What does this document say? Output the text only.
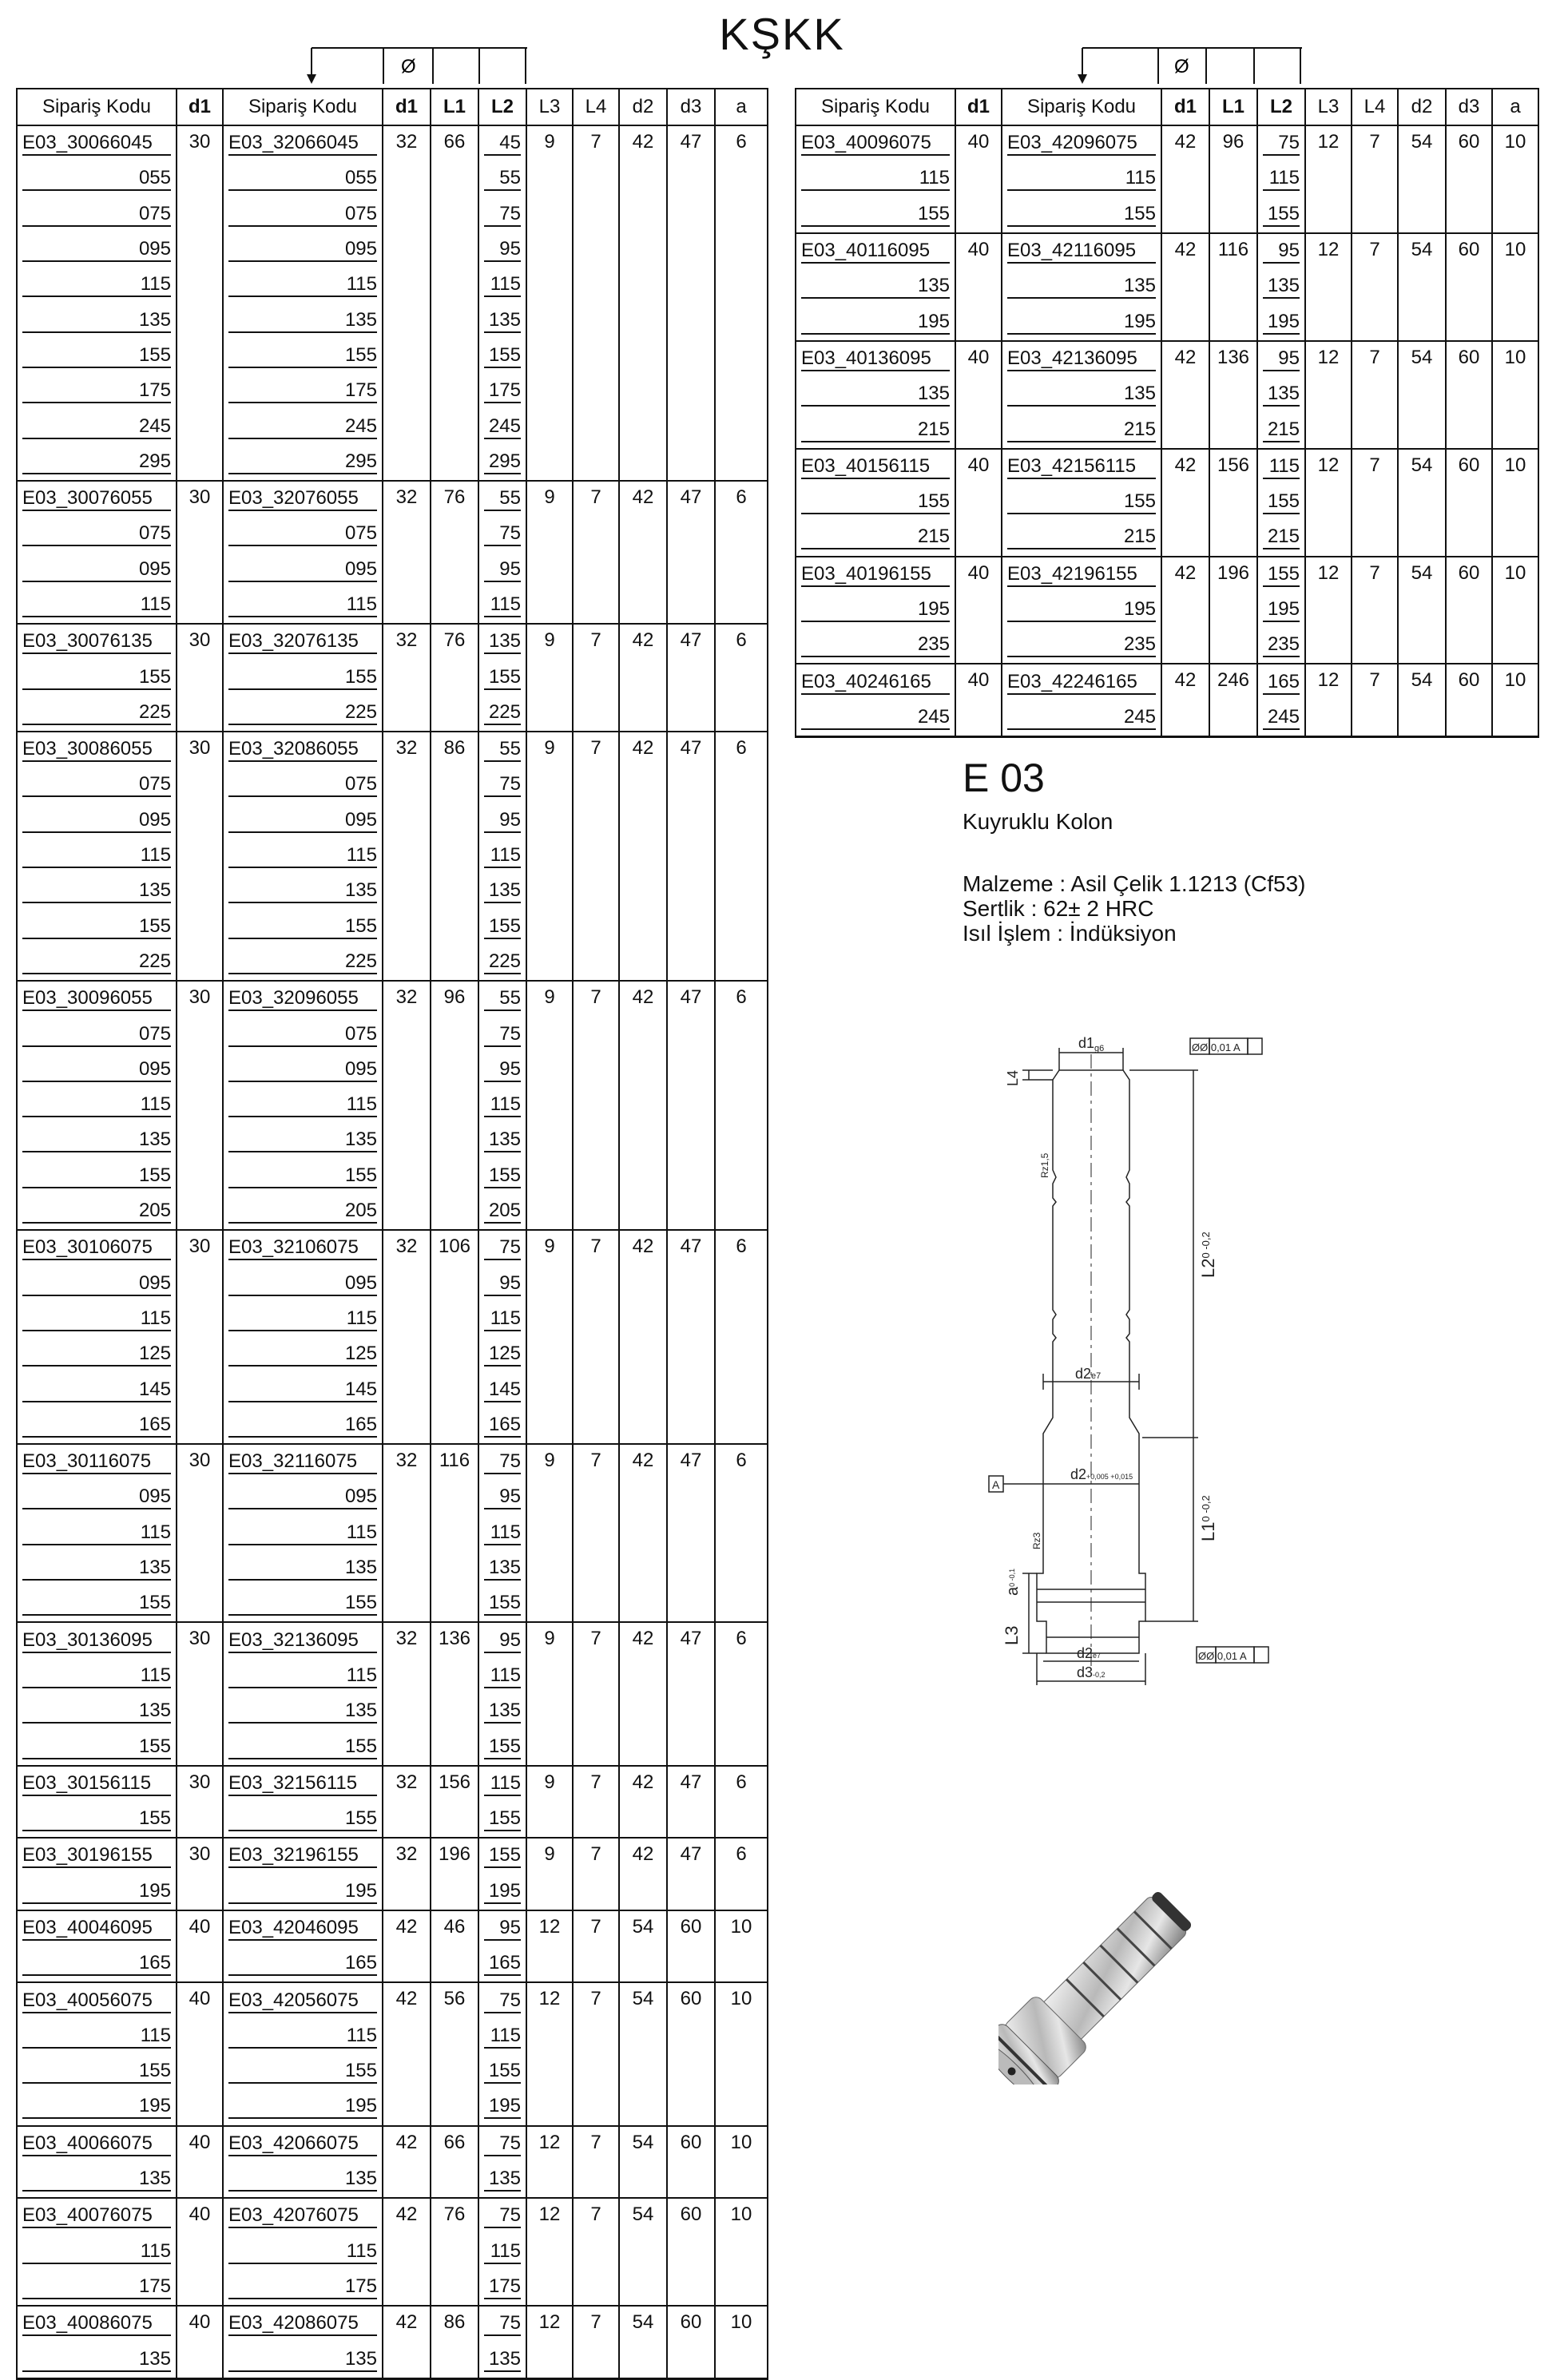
KŞKK
Ø	Ø
Sipariş Kodu	d1	Sipariş Kodu	d1	L1	L2	L3	L4	d2	d3	a
E03_30066045	30	E03_32066045	32	66	45	9	7	42	47	6
055		055			55					
075		075			75					
095		095			95					
115		115			115					
135		135			135					
155		155			155					
175		175			175					
245		245			245					
295		295			295					
E03_30076055	30	E03_32076055	32	76	55	9	7	42	47	6
075		075			75					
095		095			95					
115		115			115					
E03_30076135	30	E03_32076135	32	76	135	9	7	42	47	6
155		155			155					
225		225			225					
E03_30086055	30	E03_32086055	32	86	55	9	7	42	47	6
075		075			75					
095		095			95					
115		115			115					
135		135			135					
155		155			155					
225		225			225					
E03_30096055	30	E03_32096055	32	96	55	9	7	42	47	6
075		075			75					
095		095			95					
115		115			115					
135		135			135					
155		155			155					
205		205			205					
E03_30106075	30	E03_32106075	32	106	75	9	7	42	47	6
095		095			95					
115		115			115					
125		125			125					
145		145			145					
165		165			165					
E03_30116075	30	E03_32116075	32	116	75	9	7	42	47	6
095		095			95					
115		115			115					
135		135			135					
155		155			155					
E03_30136095	30	E03_32136095	32	136	95	9	7	42	47	6
115		115			115					
135		135			135					
155		155			155					
E03_30156115	30	E03_32156115	32	156	115	9	7	42	47	6
155		155			155					
E03_30196155	30	E03_32196155	32	196	155	9	7	42	47	6
195		195			195					
E03_40046095	40	E03_42046095	42	46	95	12	7	54	60	10
165		165			165					
E03_40056075	40	E03_42056075	42	56	75	12	7	54	60	10
115		115			115					
155		155			155					
195		195			195					
E03_40066075	40	E03_42066075	42	66	75	12	7	54	60	10
135		135			135					
E03_40076075	40	E03_42076075	42	76	75	12	7	54	60	10
115		115			115					
175		175			175					
E03_40086075	40	E03_42086075	42	86	75	12	7	54	60	10
135		135			135					
Sipariş Kodu	d1	Sipariş Kodu	d1	L1	L2	L3	L4	d2	d3	a
E03_40096075	40	E03_42096075	42	96	75	12	7	54	60	10
115		115			115					
155		155			155					
E03_40116095	40	E03_42116095	42	116	95	12	7	54	60	10
135		135			135					
195		195			195					
E03_40136095	40	E03_42136095	42	136	95	12	7	54	60	10
135		135			135					
215		215			215					
E03_40156115	40	E03_42156115	42	156	115	12	7	54	60	10
155		155			155					
215		215			215					
E03_40196155	40	E03_42196155	42	196	155	12	7	54	60	10
195		195			195					
235		235			235					
E03_40246165	40	E03_42246165	42	246	165	12	7	54	60	10
245		245			245					
E 03
Kuyruklu Kolon
Malzeme : Asil Çelik 1.1213 (Cf53)
Sertlik : 62± 2 HRC
Isıl İşlem : İndüksiyon
$d1_{g6}$	ØØ 0,01 A
ØØ 0,01 A
L4
Rz1,5
L2$^{0 -0,2}$
d2e7
A
d2+0,005 +0,015
Rz3	L1$^{0 -0,2}$
$a^{0 -0,1}$
L3
d2e7
d3-0,2
